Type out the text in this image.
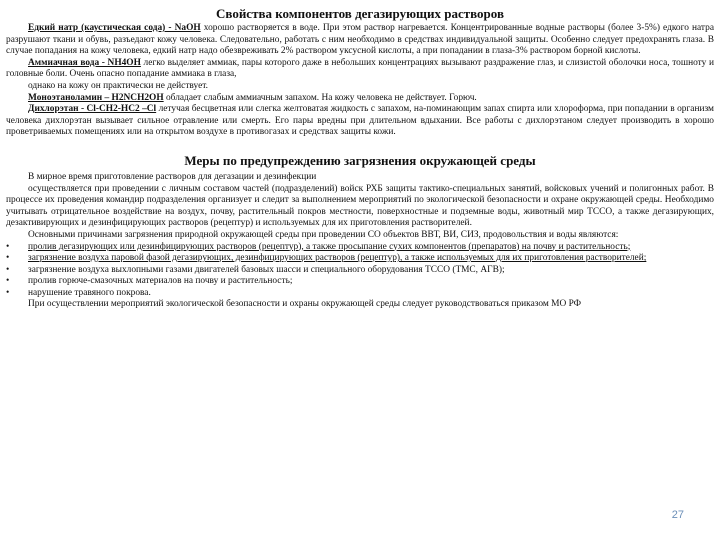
Свойства компонентов дегазирующих растворов

Едкий натр (каустическая сода) - NaOH хорошо растворяется в воде. При этом раствор нагревается. Концентрированные водные растворы (более 3-5%) едкого натра разрушают ткани и обувь, разъедают кожу человека. Следовательно, работать с ним необходимо в средствах индивидуальной защиты. Особенно следует предохранять глаза. В случае попадания на кожу человека, едкий натр надо обезвреживать 2% раствором уксусной кислоты, а при попадании в глаза-3% раствором борной кислоты.

Аммиачная вода - NH4OH легко выделяет аммиак, пары которого даже в небольших концентрациях вызывают раздражение глаз, и слизистой оболочки носа, тошноту и головные боли. Очень опасно попадание аммиака в глаза,

однако на кожу он практически не действует.

Моноэтаноламин – H2NCH2OH обладает слабым аммиачным запахом. На кожу человека не действует. Горюч.

Дихлорэтан - Cl-CH2-HC2 –Cl летучая бесцветная или слегка желтоватая жидкость с запахом, на-поминающим запах спирта или хлороформа, при попадании в организм человека дихлорэтан вызывает сильное отравление или смерть. Его пары вредны при длительном вдыхании. Все работы с дихлорэтаном следует производить в хорошо проветриваемых помещениях или на открытом воздухе в противогазах и средствах защиты кожи.

Меры по предупреждению загрязнения окружающей среды

В мирное время приготовление растворов для дегазации и дезинфекции

осуществляется при проведении с личным составом частей (подразделений) войск РХБ защиты тактико-специальных занятий, войсковых учений и полигонных работ. В процессе их проведения командир подразделения организует и следит за выполнением мероприятий по экологической безопасности и охране окружающей среды. Необходимо учитывать отрицательное воздействие на воздух, почву, растительный покров местности, поверхностные и подземные воды, животный мир ТССО, а также дегазирующих, дезактивирующих и дезинфицирующих растворов (рецептур) и используемых для их приготовления растворителей.

Основными причинами загрязнения природной окружающей среды при проведении СО объектов ВВТ, ВИ, СИЗ, продовольствия и воды являются:

•	пролив дегазирующих или дезинфицирующих растворов (рецептур), а также просыпание сухих компонентов (препаратов) на почву и растительность;
•	загрязнение воздуха паровой фазой дегазирующих, дезинфицирующих растворов (рецептур), а также используемых для их приготовления растворителей;
•	загрязнение воздуха выхлопными газами двигателей базовых шасси и специального оборудования ТССО (ТМС, АГВ);
•	пролив горюче-смазочных материалов на почву и растительность;
•	нарушение травяного покрова.

При осуществлении мероприятий экологической безопасности и охраны окружающей среды следует руководствоваться приказом МО РФ

27
